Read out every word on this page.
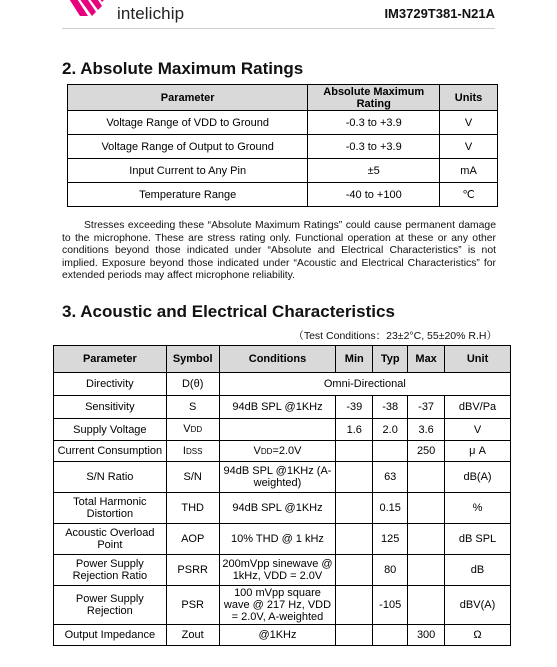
intelichip	IM3729T381-N21A
2. Absolute Maximum Ratings
Parameter	Absolute Maximum Rating	Units
Voltage Range of VDD to Ground	-0.3 to +3.9	V
Voltage Range of Output to Ground	-0.3 to +3.9	V
Input Current to Any Pin	±5	mA
Temperature Range	-40 to +100	℃

Stresses exceeding these “Absolute Maximum Ratings” could cause permanent damage to the microphone. These are stress rating only. Functional operation at these or any other conditions beyond those indicated under “Absolute and Electrical Characteristics” is not implied. Exposure beyond those indicated under “Acoustic and Electrical Characteristics” for extended periods may affect microphone reliability.

3. Acoustic and Electrical Characteristics
（Test Conditions：23±2°C, 55±20% R.H）
Parameter	Symbol	Conditions	Min	Typ	Max	Unit
Directivity	D(θ)	Omni-Directional				
Sensitivity	S	94dB SPL @1KHz	-39	-38	-37	dBV/Pa
Supply Voltage	VDD		1.6	2.0	3.6	V
Current Consumption	IDSS	VDD=2.0V			250	μ A
S/N Ratio	S/N	94dB SPL @1KHz (A-weighted)		63		dB(A)
Total Harmonic Distortion	THD	94dB SPL @1KHz		0.15		%
Acoustic Overload Point	AOP	10% THD @ 1 kHz		125		dB SPL
Power Supply Rejection Ratio	PSRR	200mVpp sinewave @ 1kHz, VDD = 2.0V		80		dB
Power Supply Rejection	PSR	100 mVpp square wave @ 217 Hz, VDD = 2.0V, A-weighted		-105		dBV(A)
Output Impedance	Zout	@1KHz			300	Ω
